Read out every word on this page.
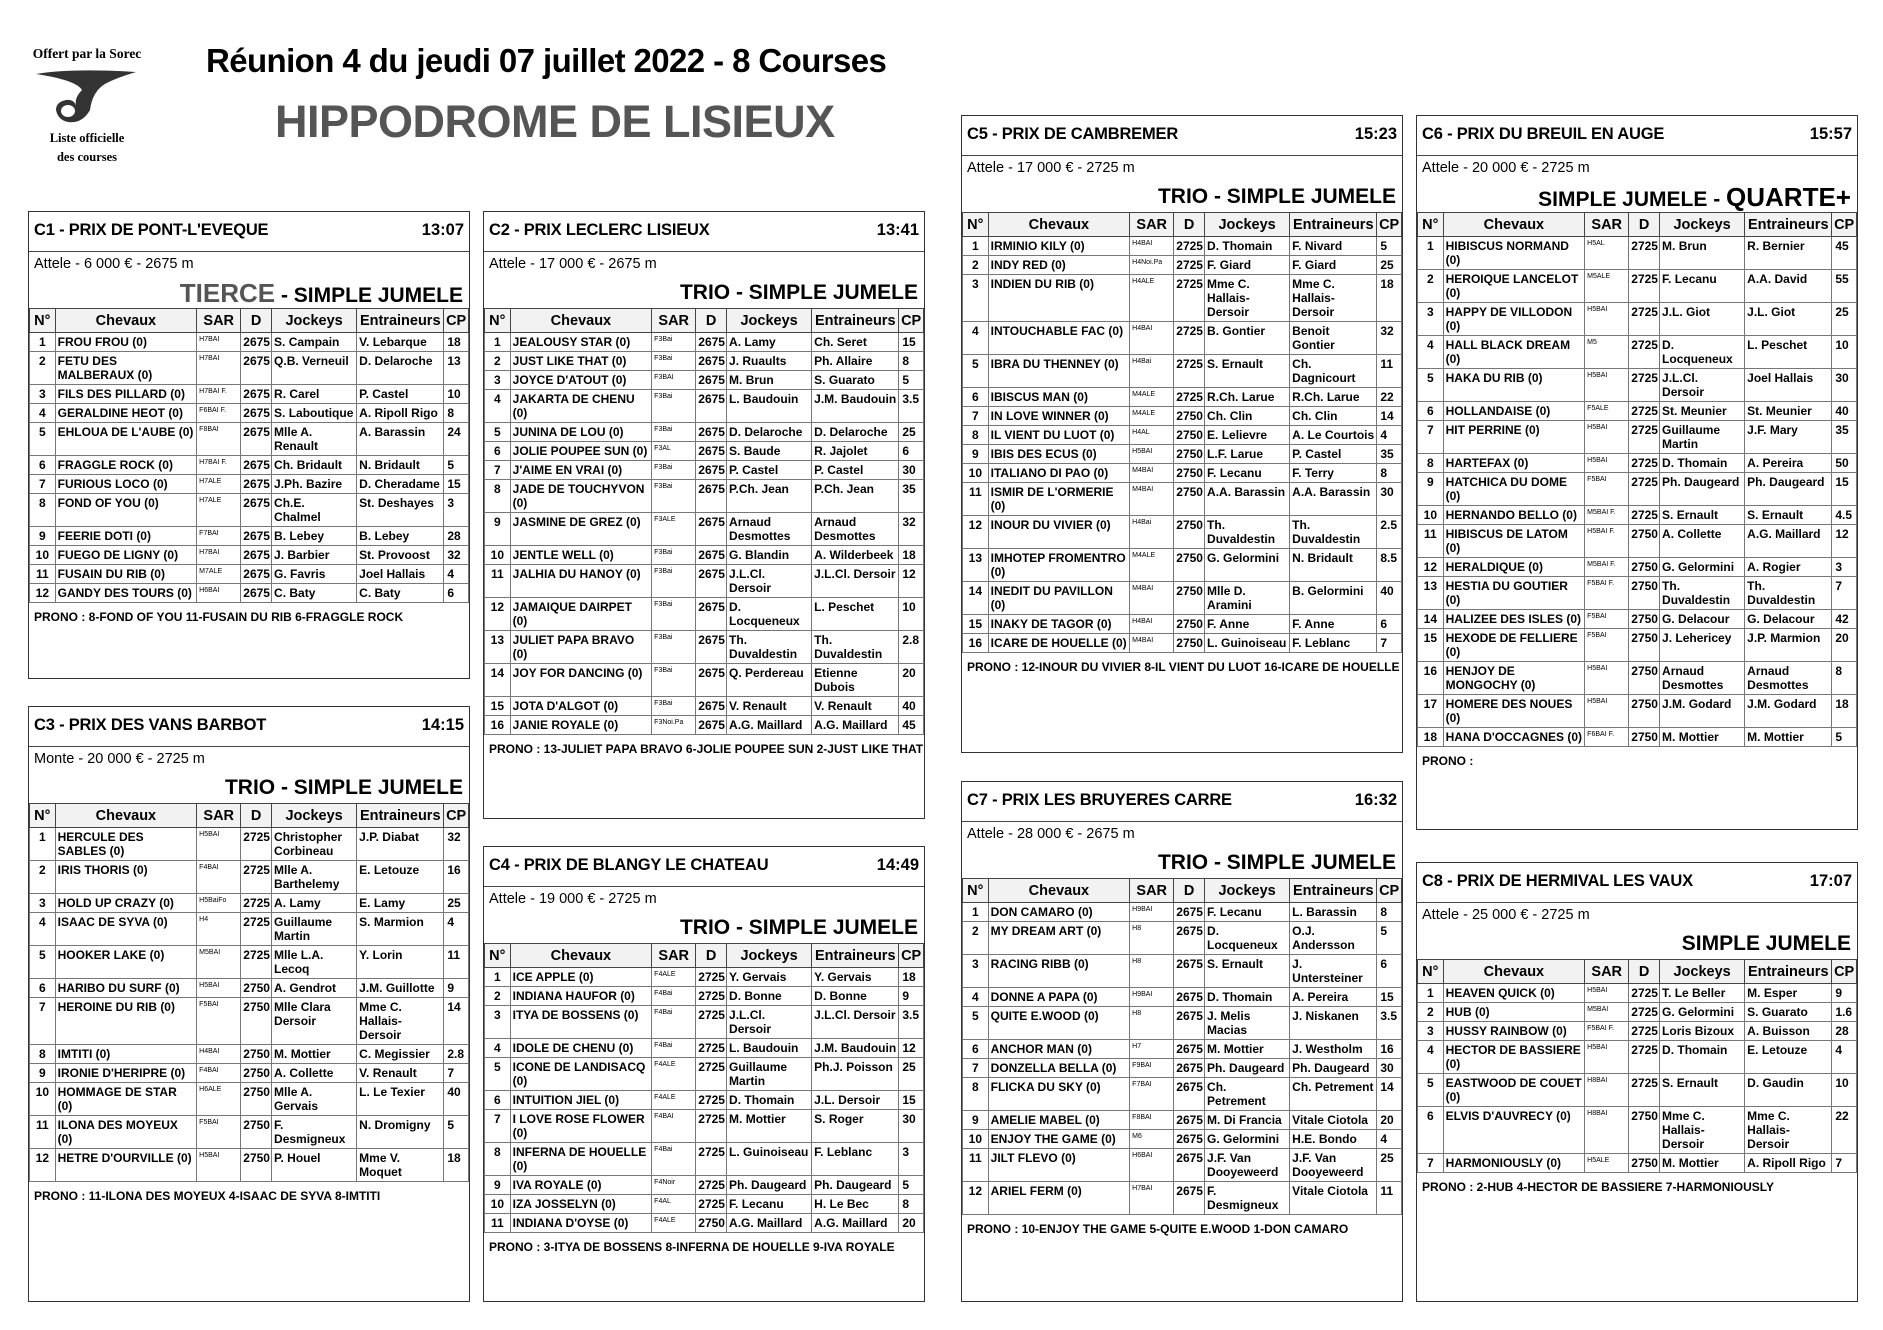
Offert par la Sorec
Liste officielle
des courses
Réunion 4 du jeudi 07 juillet 2022 - 8 Courses
HIPPODROME DE LISIEUX
C1 - PRIX DE PONT-L'EVEQUE	13:07
Attele - 6 000 € - 2675 m
TIERCE - SIMPLE JUMELE
N°	Chevaux	SAR	D	Jockeys	Entraineurs	CP
1	FROU FROU (0)	H7BAI	2675	S. Campain	V. Lebarque	18
2	FETU DES MALBERAUX (0)	H7BAI	2675	Q.B. Verneuil	D. Delaroche	13
3	FILS DES PILLARD (0)	H7BAI F.	2675	R. Carel	P. Castel	10
4	GERALDINE HEOT (0)	F6BAI F.	2675	S. Laboutique	A. Ripoll Rigo	8
5	EHLOUA DE L'AUBE (0)	F8BAI	2675	Mlle A. Renault	A. Barassin	24
6	FRAGGLE ROCK (0)	H7BAI F.	2675	Ch. Bridault	N. Bridault	5
7	FURIOUS LOCO (0)	H7ALE	2675	J.Ph. Bazire	D. Cheradame	15
8	FOND OF YOU (0)	H7ALE	2675	Ch.E. Chalmel	St. Deshayes	3
9	FEERIE DOTI (0)	F7BAI	2675	B. Lebey	B. Lebey	28
10	FUEGO DE LIGNY (0)	H7BAI	2675	J. Barbier	St. Provoost	32
11	FUSAIN DU RIB (0)	M7ALE	2675	G. Favris	Joel Hallais	4
12	GANDY DES TOURS (0)	H6BAI	2675	C. Baty	C. Baty	6
PRONO : 8-FOND OF YOU 11-FUSAIN DU RIB 6-FRAGGLE ROCK
C2 - PRIX LECLERC LISIEUX	13:41
Attele - 17 000 € - 2675 m
TRIO - SIMPLE JUMELE
N°	Chevaux	SAR	D	Jockeys	Entraineurs	CP
1	JEALOUSY STAR (0)	F3Bai	2675	A. Lamy	Ch. Seret	15
2	JUST LIKE THAT (0)	F3Bai	2675	J. Ruaults	Ph. Allaire	8
3	JOYCE D'ATOUT (0)	F3BAI	2675	M. Brun	S. Guarato	5
4	JAKARTA DE CHENU (0)	F3Bai	2675	L. Baudouin	J.M. Baudouin	3.5
5	JUNINA DE LOU (0)	F3Bai	2675	D. Delaroche	D. Delaroche	25
6	JOLIE POUPEE SUN (0)	F3AL	2675	S. Baude	R. Jajolet	6
7	J'AIME EN VRAI (0)	F3Bai	2675	P. Castel	P. Castel	30
8	JADE DE TOUCHYVON (0)	F3Bai	2675	P.Ch. Jean	P.Ch. Jean	35
9	JASMINE DE GREZ (0)	F3ALE	2675	Arnaud Desmottes	Arnaud Desmottes	32
10	JENTLE WELL (0)	F3Bai	2675	G. Blandin	A. Wilderbeek	18
11	JALHIA DU HANOY (0)	F3Bai	2675	J.L.Cl. Dersoir	J.L.Cl. Dersoir	12
12	JAMAIQUE DAIRPET (0)	F3Bai	2675	D. Locqueneux	L. Peschet	10
13	JULIET PAPA BRAVO (0)	F3Bai	2675	Th. Duvaldestin	Th. Duvaldestin	2.8
14	JOY FOR DANCING (0)	F3Bai	2675	Q. Perdereau	Etienne Dubois	20
15	JOTA D'ALGOT (0)	F3Bai	2675	V. Renault	V. Renault	40
16	JANIE ROYALE (0)	F3Noi.Pa	2675	A.G. Maillard	A.G. Maillard	45
PRONO : 13-JULIET PAPA BRAVO 6-JOLIE POUPEE SUN 2-JUST LIKE THAT
C3 - PRIX DES VANS BARBOT	14:15
Monte - 20 000 € - 2725 m
TRIO - SIMPLE JUMELE
N°	Chevaux	SAR	D	Jockeys	Entraineurs	CP
1	HERCULE DES SABLES (0)	H5BAI	2725	Christopher Corbineau	J.P. Diabat	32
2	IRIS THORIS (0)	F4BAI	2725	Mlle A. Barthelemy	E. Letouze	16
3	HOLD UP CRAZY (0)	H5BaiFo	2725	A. Lamy	E. Lamy	25
4	ISAAC DE SYVA (0)	H4	2725	Guillaume Martin	S. Marmion	4
5	HOOKER LAKE (0)	M5BAI	2725	Mlle L.A. Lecoq	Y. Lorin	11
6	HARIBO DU SURF (0)	H5BAI	2750	A. Gendrot	J.M. Guillotte	9
7	HEROINE DU RIB (0)	F5BAI	2750	Mlle Clara Dersoir	Mme C. Hallais-Dersoir	14
8	IMTITI (0)	H4BAI	2750	M. Mottier	C. Megissier	2.8
9	IRONIE D'HERIPRE (0)	F4BAI	2750	A. Collette	V. Renault	7
10	HOMMAGE DE STAR (0)	H6ALE	2750	Mlle A. Gervais	L. Le Texier	40
11	ILONA DES MOYEUX (0)	F5BAI	2750	F. Desmigneux	N. Dromigny	5
12	HETRE D'OURVILLE (0)	H5BAI	2750	P. Houel	Mme V. Moquet	18
PRONO : 11-ILONA DES MOYEUX 4-ISAAC DE SYVA 8-IMTITI
C4 - PRIX DE BLANGY LE CHATEAU	14:49
Attele - 19 000 € - 2725 m
TRIO - SIMPLE JUMELE
N°	Chevaux	SAR	D	Jockeys	Entraineurs	CP
1	ICE APPLE (0)	F4ALE	2725	Y. Gervais	Y. Gervais	18
2	INDIANA HAUFOR (0)	F4Bai	2725	D. Bonne	D. Bonne	9
3	ITYA DE BOSSENS (0)	F4Bai	2725	J.L.Cl. Dersoir	J.L.Cl. Dersoir	3.5
4	IDOLE DE CHENU (0)	F4Bai	2725	L. Baudouin	J.M. Baudouin	12
5	ICONE DE LANDISACQ (0)	F4ALE	2725	Guillaume Martin	Ph.J. Poisson	25
6	INTUITION JIEL (0)	F4ALE	2725	D. Thomain	J.L. Dersoir	15
7	I LOVE ROSE FLOWER (0)	F4BAI	2725	M. Mottier	S. Roger	30
8	INFERNA DE HOUELLE (0)	F4Bai	2725	L. Guinoiseau	F. Leblanc	3
9	IVA ROYALE (0)	F4Noir	2725	Ph. Daugeard	Ph. Daugeard	5
10	IZA JOSSELYN (0)	F4AL	2725	F. Lecanu	H. Le Bec	8
11	INDIANA D'OYSE (0)	F4ALE	2750	A.G. Maillard	A.G. Maillard	20
PRONO : 3-ITYA DE BOSSENS 8-INFERNA DE HOUELLE 9-IVA ROYALE
C5 - PRIX DE CAMBREMER	15:23
Attele - 17 000 € - 2725 m
TRIO - SIMPLE JUMELE
N°	Chevaux	SAR	D	Jockeys	Entraineurs	CP
1	IRMINIO KILY (0)	H4BAI	2725	D. Thomain	F. Nivard	5
2	INDY RED (0)	H4Noi.Pa	2725	F. Giard	F. Giard	25
3	INDIEN DU RIB (0)	H4ALE	2725	Mme C. Hallais-Dersoir	Mme C. Hallais-Dersoir	18
4	INTOUCHABLE FAC (0)	H4BAI	2725	B. Gontier	Benoit Gontier	32
5	IBRA DU THENNEY (0)	H4Bai	2725	S. Ernault	Ch. Dagnicourt	11
6	IBISCUS MAN (0)	M4ALE	2725	R.Ch. Larue	R.Ch. Larue	22
7	IN LOVE WINNER (0)	M4ALE	2750	Ch. Clin	Ch. Clin	14
8	IL VIENT DU LUOT (0)	H4AL	2750	E. Lelievre	A. Le Courtois	4
9	IBIS DES ECUS (0)	H5BAI	2750	L.F. Larue	P. Castel	35
10	ITALIANO DI PAO (0)	M4BAI	2750	F. Lecanu	F. Terry	8
11	ISMIR DE L'ORMERIE (0)	M4BAI	2750	A.A. Barassin	A.A. Barassin	30
12	INOUR DU VIVIER (0)	H4Bai	2750	Th. Duvaldestin	Th. Duvaldestin	2.5
13	IMHOTEP FROMENTRO (0)	M4ALE	2750	G. Gelormini	N. Bridault	8.5
14	INEDIT DU PAVILLON (0)	M4BAI	2750	Mlle D. Aramini	B. Gelormini	40
15	INAKY DE TAGOR (0)	H4BAI	2750	F. Anne	F. Anne	6
16	ICARE DE HOUELLE (0)	M4BAI	2750	L. Guinoiseau	F. Leblanc	7
PRONO : 12-INOUR DU VIVIER 8-IL VIENT DU LUOT 16-ICARE DE HOUELLE
C6 - PRIX DU BREUIL EN AUGE	15:57
Attele - 20 000 € - 2725 m
SIMPLE JUMELE - QUARTE+
N°	Chevaux	SAR	D	Jockeys	Entraineurs	CP
1	HIBISCUS NORMAND (0)	H5AL	2725	M. Brun	R. Bernier	45
2	HEROIQUE LANCELOT (0)	M5ALE	2725	F. Lecanu	A.A. David	55
3	HAPPY DE VILLODON (0)	H5BAI	2725	J.L. Giot	J.L. Giot	25
4	HALL BLACK DREAM (0)	M5	2725	D. Locqueneux	L. Peschet	10
5	HAKA DU RIB (0)	H5BAI	2725	J.L.Cl. Dersoir	Joel Hallais	30
6	HOLLANDAISE (0)	F5ALE	2725	St. Meunier	St. Meunier	40
7	HIT PERRINE (0)	H5BAI	2725	Guillaume Martin	J.F. Mary	35
8	HARTEFAX (0)	H5BAI	2725	D. Thomain	A. Pereira	50
9	HATCHICA DU DOME (0)	F5BAI	2725	Ph. Daugeard	Ph. Daugeard	15
10	HERNANDO BELLO (0)	M5BAI F.	2725	S. Ernault	S. Ernault	4.5
11	HIBISCUS DE LATOM (0)	H5BAI F.	2750	A. Collette	A.G. Maillard	12
12	HERALDIQUE (0)	M5BAI F.	2750	G. Gelormini	A. Rogier	3
13	HESTIA DU GOUTIER (0)	F5BAI F.	2750	Th. Duvaldestin	Th. Duvaldestin	7
14	HALIZEE DES ISLES (0)	F5BAI	2750	G. Delacour	G. Delacour	42
15	HEXODE DE FELLIERE (0)	F5BAI	2750	J. Lehericey	J.P. Marmion	20
16	HENJOY DE MONGOCHY (0)	H5BAI	2750	Arnaud Desmottes	Arnaud Desmottes	8
17	HOMERE DES NOUES (0)	H5BAI	2750	J.M. Godard	J.M. Godard	18
18	HANA D'OCCAGNES (0)	F6BAI F.	2750	M. Mottier	M. Mottier	5
PRONO :
C7 - PRIX LES BRUYERES CARRE	16:32
Attele - 28 000 € - 2675 m
TRIO - SIMPLE JUMELE
N°	Chevaux	SAR	D	Jockeys	Entraineurs	CP
1	DON CAMARO (0)	H9BAI	2675	F. Lecanu	L. Barassin	8
2	MY DREAM ART (0)	H8	2675	D. Locqueneux	O.J. Andersson	5
3	RACING RIBB (0)	H8	2675	S. Ernault	J. Untersteiner	6
4	DONNE A PAPA (0)	H9BAI	2675	D. Thomain	A. Pereira	15
5	QUITE E.WOOD (0)	H8	2675	J. Melis Macias	J. Niskanen	3.5
6	ANCHOR MAN (0)	H7	2675	M. Mottier	J. Westholm	16
7	DONZELLA BELLA (0)	F9BAI	2675	Ph. Daugeard	Ph. Daugeard	30
8	FLICKA DU SKY (0)	F7BAI	2675	Ch. Petrement	Ch. Petrement	14
9	AMELIE MABEL (0)	F8BAI	2675	M. Di Francia	Vitale Ciotola	20
10	ENJOY THE GAME (0)	M6	2675	G. Gelormini	H.E. Bondo	4
11	JILT FLEVO (0)	H6BAI	2675	J.F. Van Dooyeweerd	J.F. Van Dooyeweerd	25
12	ARIEL FERM (0)	H7BAI	2675	F. Desmigneux	Vitale Ciotola	11
PRONO : 10-ENJOY THE GAME 5-QUITE E.WOOD 1-DON CAMARO
C8 - PRIX DE HERMIVAL LES VAUX	17:07
Attele - 25 000 € - 2725 m
SIMPLE JUMELE
N°	Chevaux	SAR	D	Jockeys	Entraineurs	CP
1	HEAVEN QUICK (0)	H5BAI	2725	T. Le Beller	M. Esper	9
2	HUB (0)	M5BAI	2725	G. Gelormini	S. Guarato	1.6
3	HUSSY RAINBOW (0)	F5BAI F.	2725	Loris Bizoux	A. Buisson	28
4	HECTOR DE BASSIERE (0)	H5BAI	2725	D. Thomain	E. Letouze	4
5	EASTWOOD DE COUET (0)	H8BAI	2725	S. Ernault	D. Gaudin	10
6	ELVIS D'AUVRECY (0)	H8BAI	2750	Mme C. Hallais-Dersoir	Mme C. Hallais-Dersoir	22
7	HARMONIOUSLY (0)	H5ALE	2750	M. Mottier	A. Ripoll Rigo	7
PRONO : 2-HUB 4-HECTOR DE BASSIERE 7-HARMONIOUSLY
